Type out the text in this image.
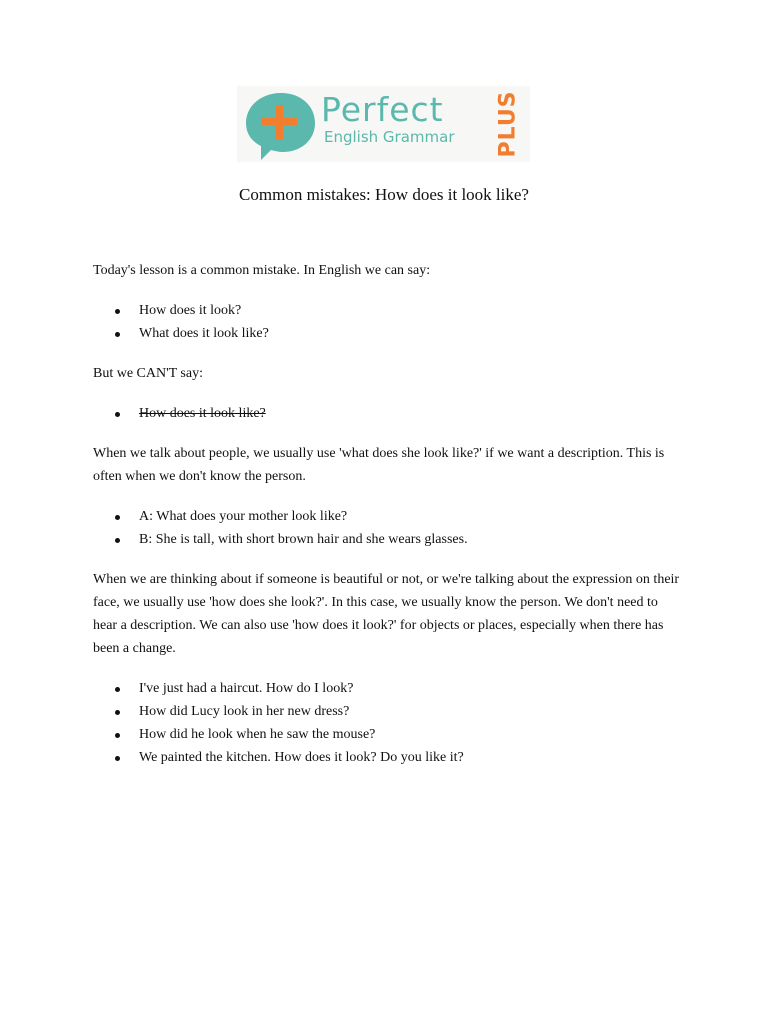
Perfect
English Grammar PLUS
Common mistakes: How does it look like?

Today's lesson is a common mistake. In English we can say:

How does it look?
What does it look like?

But we CAN'T say:

How does it look like?

When we talk about people, we usually use 'what does she look like?' if we want a description. This is often when we don't know the person.

A: What does your mother look like?
B: She is tall, with short brown hair and she wears glasses.

When we are thinking about if someone is beautiful or not, or we're talking about the expression on their face, we usually use 'how does she look?'. In this case, we usually know the person. We don't need to hear a description. We can also use 'how does it look?' for objects or places, especially when there has been a change.

I've just had a haircut. How do I look?
How did Lucy look in her new dress?
How did he look when he saw the mouse?
We painted the kitchen. How does it look? Do you like it?
